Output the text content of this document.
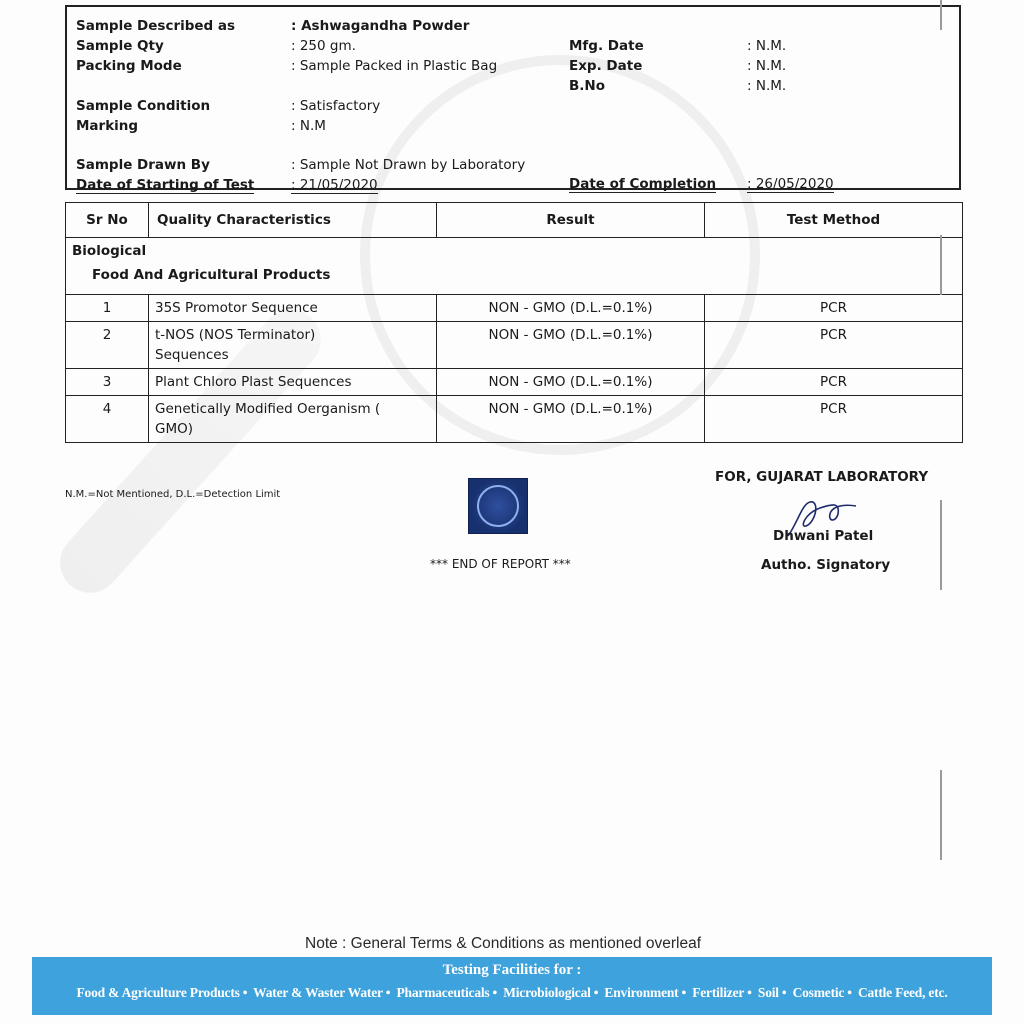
Sample Described as	: Ashwagandha Powder
Sample Qty	: 250 gm.
Packing Mode	: Sample Packed in Plastic Bag
Mfg. Date	: N.M.
Exp. Date	: N.M.
B.No	: N.M.
Sample Condition	: Satisfactory
Marking	: N.M
Sample Drawn By	: Sample Not Drawn by Laboratory
Date of Starting of Test	: 21/05/2020	Date of Completion : 26/05/2020
Sr No	Quality Characteristics	Result	Test Method

Biological
Food And Agricultural Products			

1	35S Promotor Sequence	NON - GMO (D.L.=0.1%)	PCR
2	t-NOS (NOS Terminator) Sequences	NON - GMO (D.L.=0.1%)	PCR
3	Plant Chloro Plast Sequences	NON - GMO (D.L.=0.1%)	PCR
4	Genetically Modified Oerganism ( GMO)	NON - GMO (D.L.=0.1%)	PCR
N.M.=Not Mentioned, D.L.=Detection Limit
*** END OF REPORT ***
FOR, GUJARAT LABORATORY
Dhwani Patel
Autho. Signatory
Note : General Terms & Conditions as mentioned overleaf
Testing Facilities for :
Food & Agriculture Products • Water & Waster Water • Pharmaceuticals • Microbiological • Environment • Fertilizer • Soil • Cosmetic • Cattle Feed, etc.
